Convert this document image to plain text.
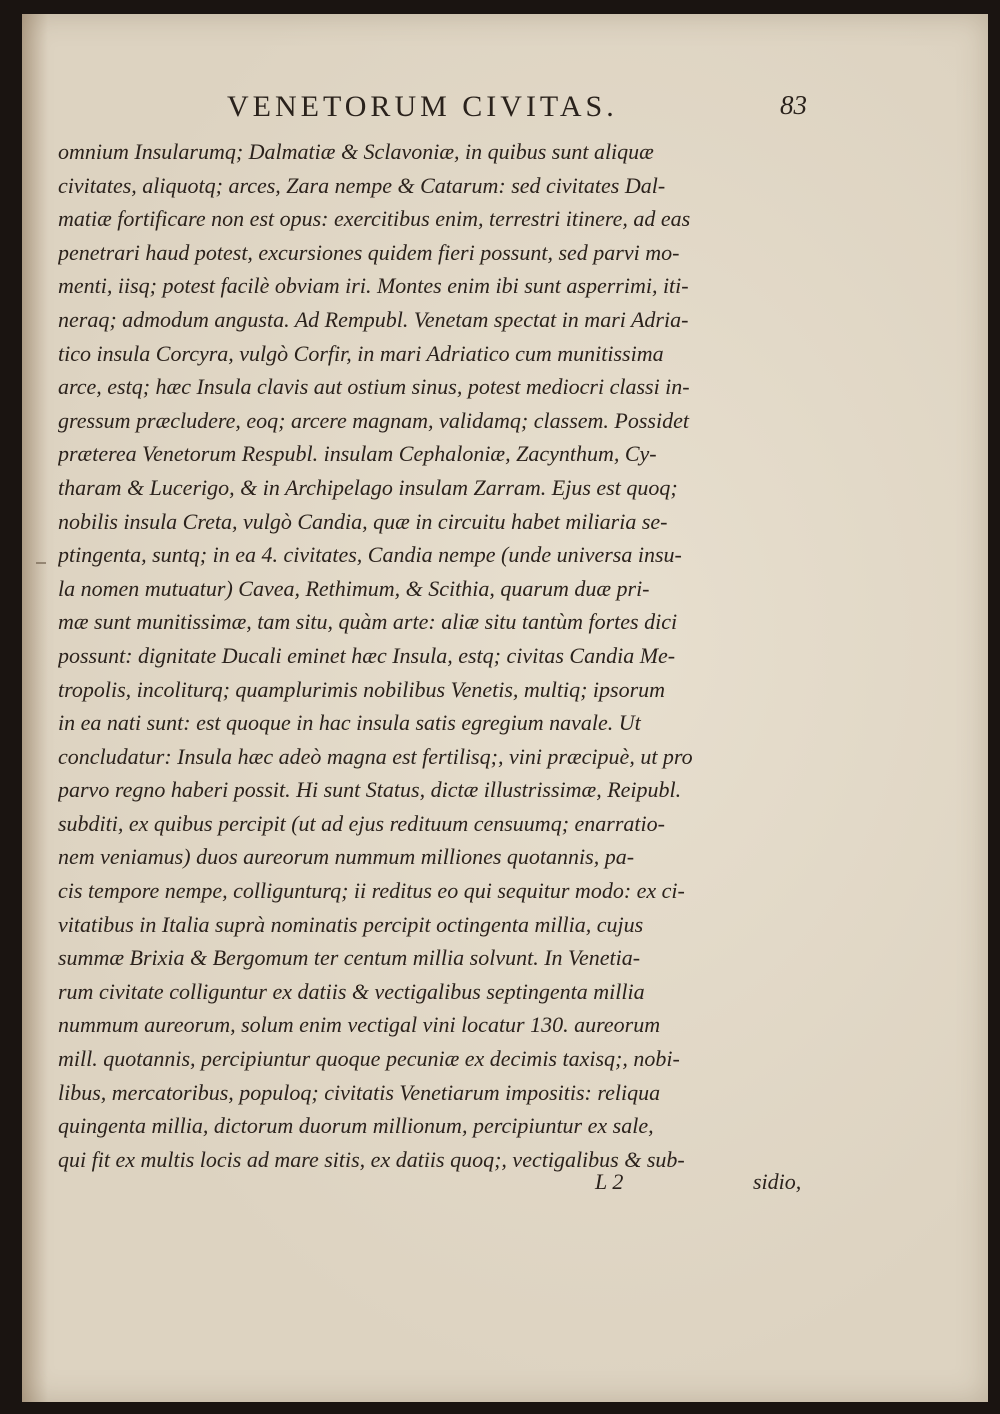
VENETORUM CIVITAS.	83
omnium Insularumq; Dalmatiæ & Sclavoniæ, in quibus sunt aliquæ
civitates, aliquotq; arces, Zara nempe & Catarum: sed civitates Dal-
matiæ fortificare non est opus: exercitibus enim, terrestri itinere, ad eas
penetrari haud potest, excursiones quidem fieri possunt, sed parvi mo-
menti, iisq; potest facilè obviam iri. Montes enim ibi sunt asperrimi, iti-
neraq; admodum angusta. Ad Rempubl. Venetam spectat in mari Adria-
tico insula Corcyra, vulgò Corfir, in mari Adriatico cum munitissima
arce, estq; hæc Insula clavis aut ostium sinus, potest mediocri classi in-
gressum præcludere, eoq; arcere magnam, validamq; classem. Possidet
præterea Venetorum Respubl. insulam Cephaloniæ, Zacynthum, Cy-
tharam & Lucerigo, & in Archipelago insulam Zarram. Ejus est quoq;
nobilis insula Creta, vulgò Candia, quæ in circuitu habet miliaria se-
ptingenta, suntq; in ea 4. civitates, Candia nempe (unde universa insu-
la nomen mutuatur) Cavea, Rethimum, & Scithia, quarum duæ pri-
mæ sunt munitissimæ, tam situ, quàm arte: aliæ situ tantùm fortes dici
possunt: dignitate Ducali eminet hæc Insula, estq; civitas Candia Me-
tropolis, incoliturq; quamplurimis nobilibus Venetis, multiq; ipsorum
in ea nati sunt: est quoque in hac insula satis egregium navale. Ut
concludatur: Insula hæc adeò magna est fertilisq;, vini præcipuè, ut pro
parvo regno haberi possit. Hi sunt Status, dictæ illustrissimæ, Reipubl.
subditi, ex quibus percipit (ut ad ejus redituum censuumq; enarratio-
nem veniamus) duos aureorum nummum milliones quotannis, pa-
cis tempore nempe, colligunturq; ii reditus eo qui sequitur modo: ex ci-
vitatibus in Italia suprà nominatis percipit octingenta millia, cujus
summæ Brixia & Bergomum ter centum millia solvunt. In Venetia-
rum civitate colliguntur ex datiis & vectigalibus septingenta millia
nummum aureorum, solum enim vectigal vini locatur 130. aureorum
mill. quotannis, percipiuntur quoque pecuniæ ex decimis taxisq;, nobi-
libus, mercatoribus, populoq; civitatis Venetiarum impositis: reliqua
quingenta millia, dictorum duorum millionum, percipiuntur ex sale,
qui fit ex multis locis ad mare sitis, ex datiis quoq;, vectigalibus & sub-
L 2	sidio,
